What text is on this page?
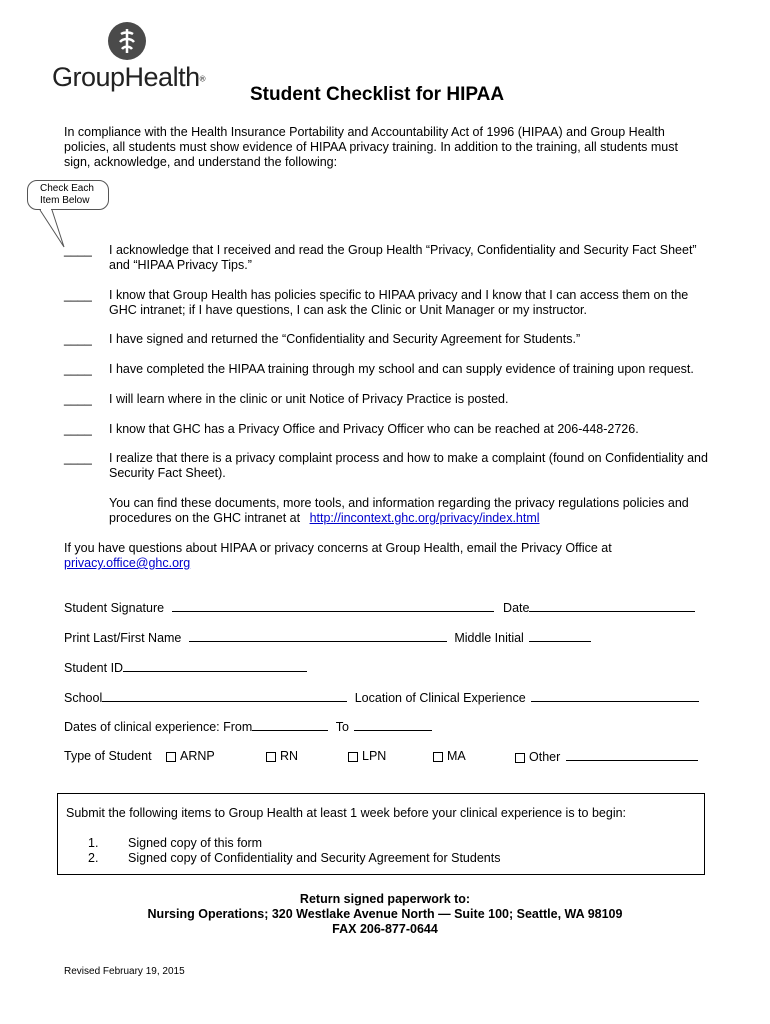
GroupHealth®
Student Checklist for HIPAA
In compliance with the Health Insurance Portability and Accountability Act of 1996 (HIPAA) and Group Health policies, all students must show evidence of HIPAA privacy training. In addition to the training, all students must sign, acknowledge, and understand the following:
Check Each
Item Below
____ I acknowledge that I received and read the Group Health “Privacy, Confidentiality and Security Fact Sheet” and “HIPAA Privacy Tips.”
____ I know that Group Health has policies specific to HIPAA privacy and I know that I can access them on the GHC intranet; if I have questions, I can ask the Clinic or Unit Manager or my instructor.
____ I have signed and returned the “Confidentiality and Security Agreement for Students.”
____ I have completed the HIPAA training through my school and can supply evidence of training upon request.
____ I will learn where in the clinic or unit Notice of Privacy Practice is posted.
____ I know that GHC has a Privacy Office and Privacy Officer who can be reached at 206-448-2726.
____ I realize that there is a privacy complaint process and how to make a complaint (found on Confidentiality and Security Fact Sheet).
You can find these documents, more tools, and information regarding the privacy regulations policies and procedures on the GHC intranet at http://incontext.ghc.org/privacy/index.html
If you have questions about HIPAA or privacy concerns at Group Health, email the Privacy Office at
privacy.office@ghc.org
Student Signature	Date
Print Last/First Name	Middle Initial
Student ID
School	Location of Clinical Experience
Dates of clinical experience: From	To
Type of Student	ARNP	RN	LPN	MA	Other
Submit the following items to Group Health at least 1 week before your clinical experience is to begin:
1. Signed copy of this form
2. Signed copy of Confidentiality and Security Agreement for Students
Return signed paperwork to:
Nursing Operations; 320 Westlake Avenue North — Suite 100; Seattle, WA 98109
FAX 206-877-0644
Revised February 19, 2015
